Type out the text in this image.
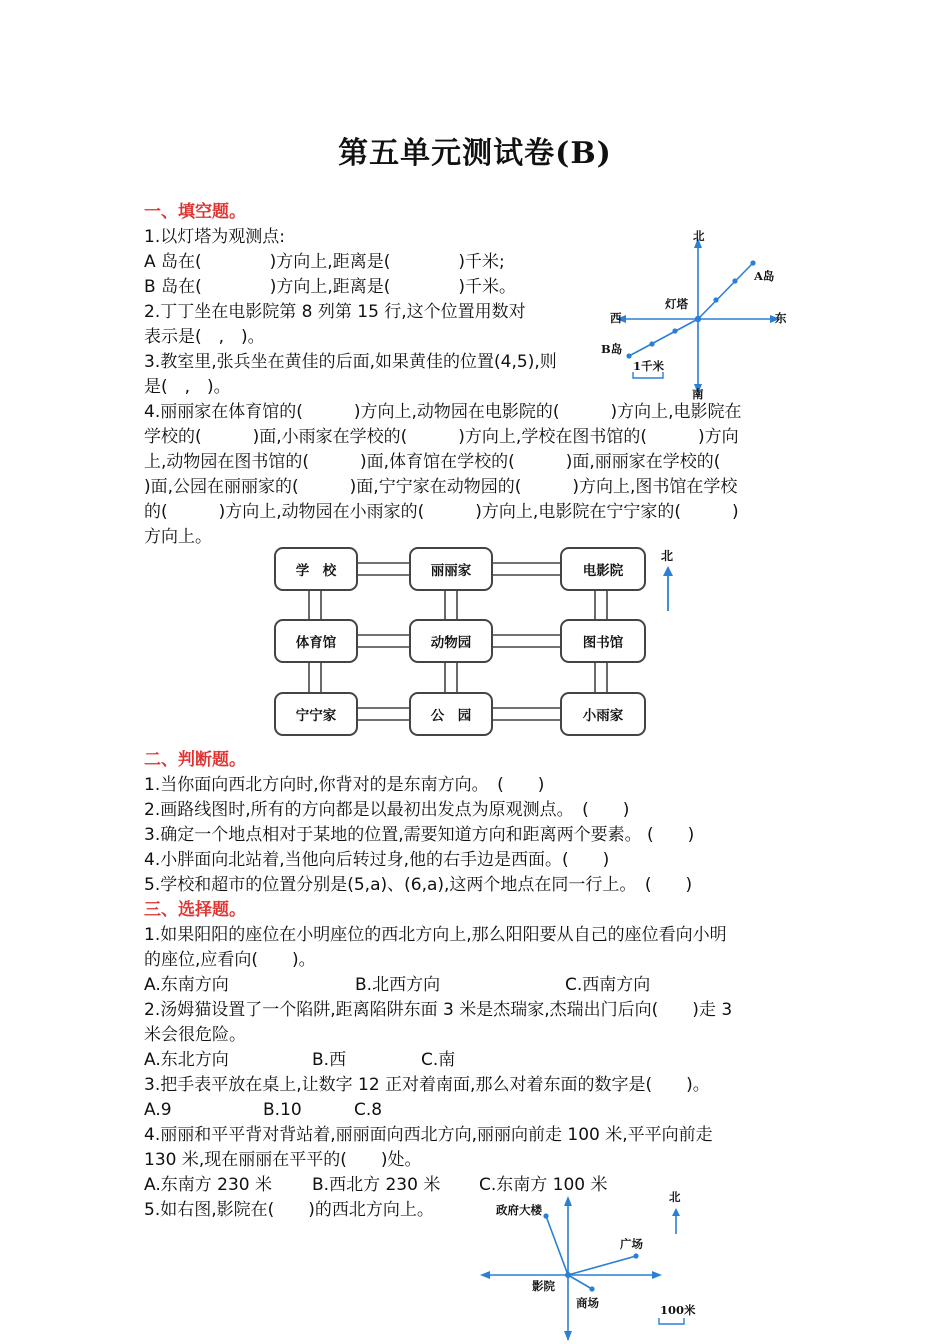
第五单元测试卷(B)
一、填空题。
1.以灯塔为观测点:
A 岛在(　　　　)方向上,距离是(　　　　)千米;
B 岛在(　　　　)方向上,距离是(　　　　)千米。
2.丁丁坐在电影院第 8 列第 15 行,这个位置用数对
表示是(　,　)。
3.教室里,张兵坐在黄佳的后面,如果黄佳的位置(4,5),则
是(　,　)。
北
南
东
西
灯塔
A岛
B岛
1千米
4.丽丽家在体育馆的(　　　)方向上,动物园在电影院的(　　　)方向上,电影院在
学校的(　　　)面,小雨家在学校的(　　　)方向上,学校在图书馆的(　　　)方向
上,动物园在图书馆的(　　　)面,体育馆在学校的(　　　)面,丽丽家在学校的(
)面,公园在丽丽家的(　　　)面,宁宁家在动物园的(　　　)方向上,图书馆在学校
的(　　　)方向上,动物园在小雨家的(　　　)方向上,电影院在宁宁家的(　　　)
方向上。
学　校	丽丽家	电影院
体育馆	动物园	图书馆
宁宁家	公　园	小雨家
北
二、判断题。
1.当你面向西北方向时,你背对的是东南方向。　(　　)
2.画路线图时,所有的方向都是以最初出发点为原观测点。　(　　)
3.确定一个地点相对于某地的位置,需要知道方向和距离两个要素。 (　　)
4.小胖面向北站着,当他向后转过身,他的右手边是西面。(　　)
5.学校和超市的位置分别是(5,a)、(6,a),这两个地点在同一行上。　(　　)
三、选择题。
1.如果阳阳的座位在小明座位的西北方向上,那么阳阳要从自己的座位看向小明
的座位,应看向(　　)。
A.东南方向	B.北西方向	C.西南方向
2.汤姆猫设置了一个陷阱,距离陷阱东面 3 米是杰瑞家,杰瑞出门后向(　　)走 3
米会很危险。
A.东北方向	B.西	C.南
3.把手表平放在桌上,让数字 12 正对着南面,那么对着东面的数字是(　　)。
A.9	B.10	C.8
4.丽丽和平平背对背站着,丽丽面向西北方向,丽丽向前走 100 米,平平向前走
130 米,现在丽丽在平平的(　　)处。
A.东南方 230 米 B.西北方 230 米 C.东南方 100 米
5.如右图,影院在(　　)的西北方向上。	政府大楼
广场
影院
商场
北
100米
